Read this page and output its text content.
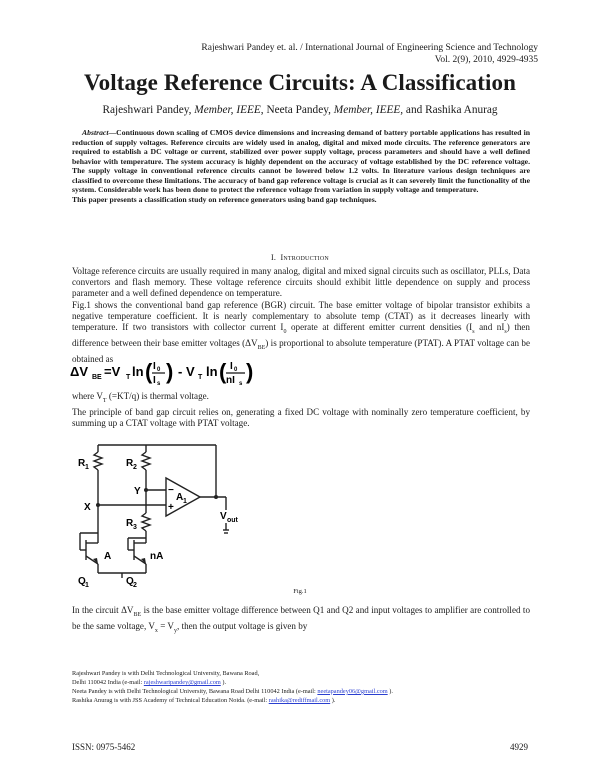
Rajeshwari Pandey et. al. / International Journal of Engineering Science and Technology
Vol. 2(9), 2010, 4929-4935
Voltage Reference Circuits: A Classification
Rajeshwari Pandey, Member, IEEE, Neeta Pandey, Member, IEEE, and Rashika Anurag

Abstract—Continuous down scaling of CMOS device dimensions and increasing demand of battery portable applications has resulted in reduction of supply voltages. Reference circuits are widely used in analog, digital and mixed mode circuits. The reference generators are required to establish a DC voltage or current, stabilized over power supply voltage, process parameters and should have a well defined behavior with temperature. The system accuracy is highly dependent on the accuracy of voltage established by the DC reference voltage. The supply voltage in conventional reference circuits cannot be lowered below 1.2 volts. In literature various design techniques are classified to overcome these limitations. The accuracy of band gap reference voltage is crucial as it can severely limit the functionality of the system. Considerable work has been done to protect the reference voltage from variation in supply voltage and temperature.

This paper presents a classification study on reference generators using band gap techniques.

I. Introduction

Voltage reference circuits are usually required in many analog, digital and mixed signal circuits such as oscillator, PLLs, Data convertors and flash memory. These voltage reference circuits should exhibit little dependence on supply and process parameter and a well defined dependence on temperature.

Fig.1 shows the conventional band gap reference (BGR) circuit. The base emitter voltage of bipolar transistor exhibits a negative temperature coefficient. It is nearly complementary to absolute temp (CTAT) as it decreases linearly with temperature. If two transistors with collector current $I_0$ operate at different emitter current densities ($I_s$ and $nI_s$) then difference between their base emitter voltages $(\Delta V_{BE})$ is proportional to absolute temperature (PTAT). A PTAT voltage can be obtained as

ΔV BE =V T ln ( I 0
I s ) - V T ln ( I 0
nI s )

where $V_T$ (=KT/q) is thermal voltage.

The principle of band gap circuit relies on, generating a fixed DC voltage with nominally zero temperature coefficient, by summing up a CTAT voltage with PTAT voltage.

R 1	R 2
R 3
X
Y
A 1
−
+
V out
A	nA
Q 1	Q 2
Fig.1

In the circuit $\Delta V_{BE}$ is the base emitter voltage difference between Q1 and Q2 and input voltages to amplifier are controlled to be the same voltage, $V_x = V_y$, then the output voltage is given by

Rajeshwari Pandey is with Delhi Technological University, Bawana Road,
Delhi 110042 India (e-mail: rajeshwaripandey@gmail.com ).
Neeta Pandey is with Delhi Technological University, Bawana Road Delhi 110042 India (e-mail: neetapandey06@gmail.com ).
Rashika Anurag is with JSS Academy of Technical Education Noida. (e-mail: rashika@rediffmail.com ).
ISSN: 0975-5462	4929
